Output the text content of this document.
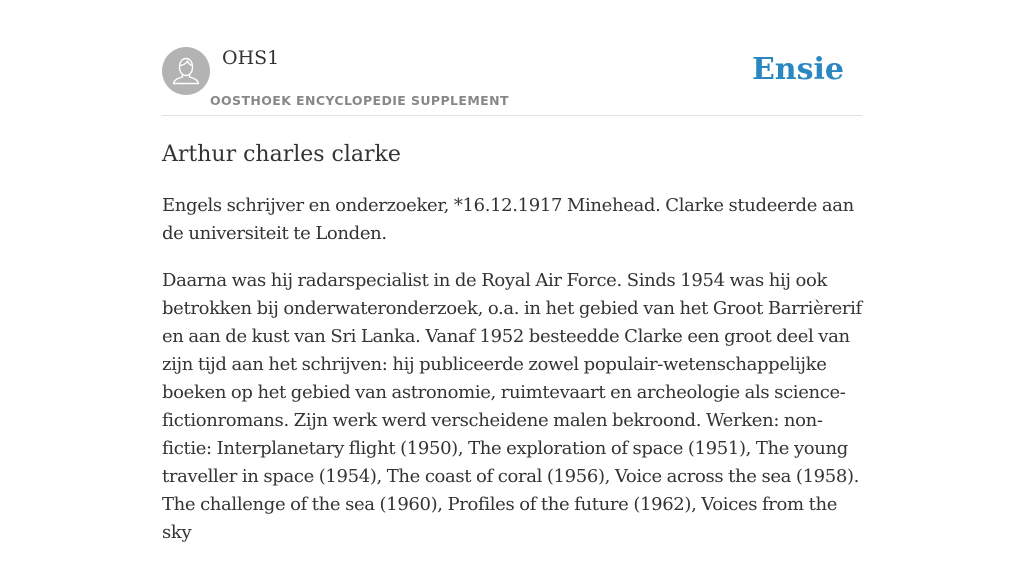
OHS1
OOSTHOEK ENCYCLOPEDIE SUPPLEMENT
Ensie
Arthur charles clarke

Engels schrijver en onderzoeker, *16.12.1917 Minehead. Clarke studeerde aan de universiteit te Londen.

Daarna was hij radarspecialist in de Royal Air Force. Sinds 1954 was hij ook betrokken bij onderwateronderzoek, o.a. in het gebied van het Groot Barrièrerif en aan de kust van Sri Lanka. Vanaf 1952 besteedde Clarke een groot deel van zijn tijd aan het schrijven: hij publiceerde zowel populair-wetenschappelijke boeken op het gebied van astronomie, ruimtevaart en archeologie als science-fictionromans. Zijn werk werd verscheidene malen bekroond. Werken: non-fictie: Interplanetary flight (1950), The exploration of space (1951), The young traveller in space (1954), The coast of coral (1956), Voice across the sea (1958). The challenge of the sea (1960), Profiles of the future (1962), Voices from the sky
